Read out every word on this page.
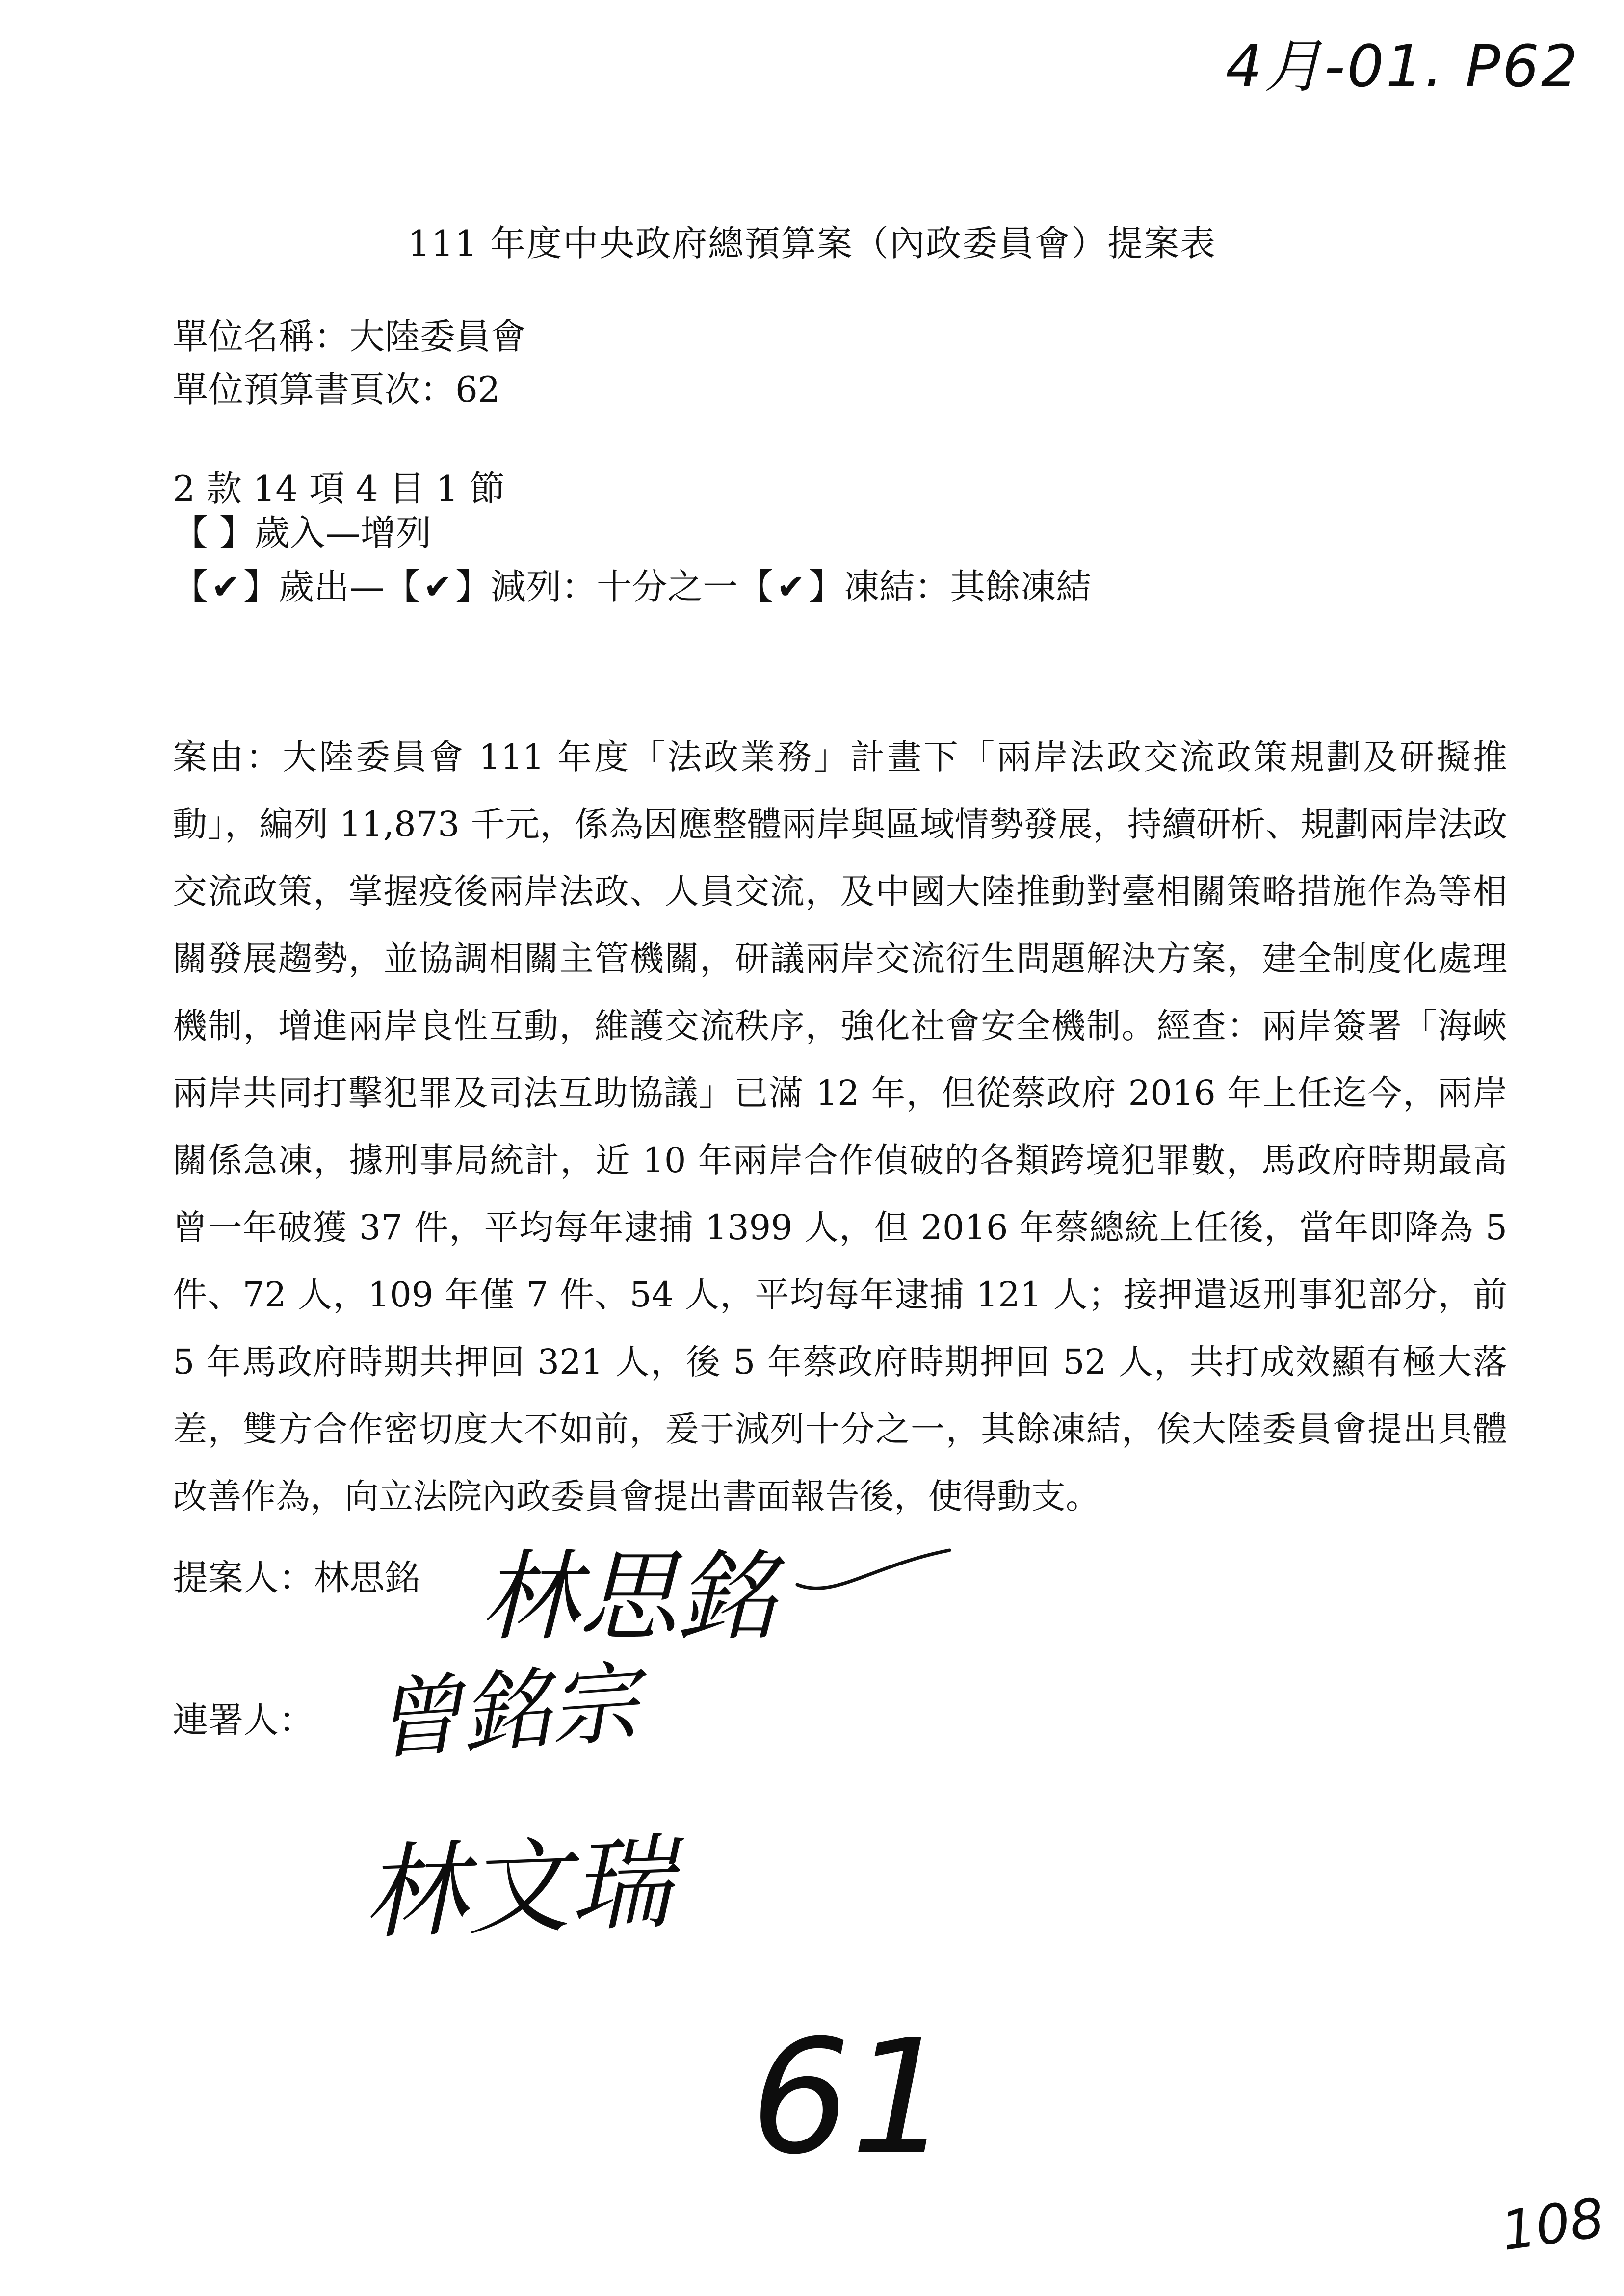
4月-01. P62
111 年度中央政府總預算案（內政委員會）提案表
單位名稱：大陸委員會
單位預算書頁次：62
2 款 14 項 4 目 1 節
【 】歲入—增列
【 ✔ 】 歲出— 【 ✔ 】 減列：十分之一 【 ✔ 】 凍結：其餘凍結
案由：大陸委員會 111 年度「法政業務」計畫下「兩岸法政交流政策規劃及研擬推動」，編列 11,873 千元，係為因應整體兩岸與區域情勢發展，持續研析、規劃兩岸法政交流政策，掌握疫後兩岸法政、人員交流，及中國大陸推動對臺相關策略措施作為等相關發展趨勢，並協調相關主管機關，研議兩岸交流衍生問題解決方案，建全制度化處理機制，增進兩岸良性互動，維護交流秩序，強化社會安全機制。經查：兩岸簽署「海峽兩岸共同打擊犯罪及司法互助協議」已滿 12 年，但從蔡政府 2016 年上任迄今，兩岸關係急凍，據刑事局統計，近 10 年兩岸合作偵破的各類跨境犯罪數，馬政府時期最高曾一年破獲 37 件，平均每年逮捕 1399 人，但 2016 年蔡總統上任後，當年即降為 5 件、72 人，109 年僅 7 件、54 人，平均每年逮捕 121 人；接押遣返刑事犯部分，前 5 年馬政府時期共押回 321 人，後 5 年蔡政府時期押回 52 人，共打成效顯有極大落差，雙方合作密切度大不如前，爰于減列十分之一，其餘凍結，俟大陸委員會提出具體改善作為，向立法院內政委員會提出書面報告後，使得動支。
提案人：林思銘 林思銘
連署人： 曾銘宗
林文瑞
61
108
